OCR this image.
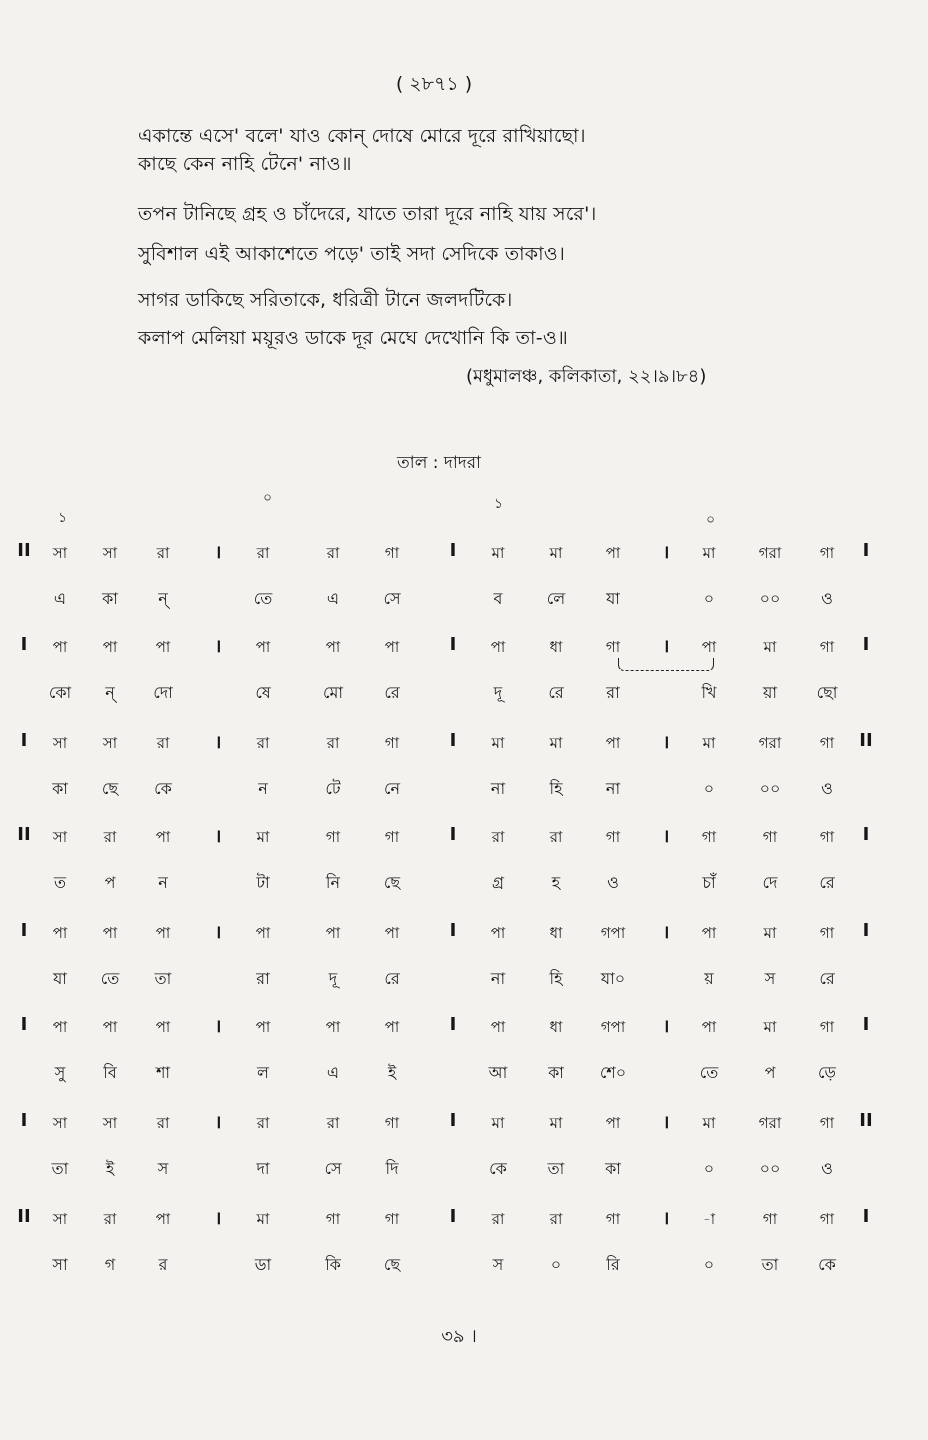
( ২৮৭১ )
একান্তে এসে' বলে' যাও কোন্ দোষে মোরে দূরে রাখিয়াছো।
কাছে কেন নাহি টেনে' নাও॥
তপন টানিছে গ্রহ ও চাঁদেরে, যাতে তারা দূরে নাহি যায় সরে'।
সুবিশাল এই আকাশেতে পড়ে' তাই সদা সেদিকে তাকাও।
সাগর ডাকিছে সরিতাকে, ধরিত্রী টানে জলদটিকে।
কলাপ মেলিয়া ময়ূরও ডাকে দূর মেঘে দেখোনি কি তা-ও॥
(মধুমালঞ্চ, কলিকাতা, ২২।৯।৮৪)
তাল : দাদরা
১
০	১
০
II	।	I	।	I
সা	সা	রা	রা	রা	গা	মা	মা	পা	মা	গরা	গা
এ	কা	ন্	তে	এ	সে	ব	লে	যা	০	০০	ও
I	।	I	।	I
পা	পা	পা	পা	পা	পা	পা	ধা	গা	পা	মা	গা
কো	ন্	দো	ষে	মো	রে	দূ	রে	রা	খি	য়া	ছো
I	।	I	।	II
সা	সা	রা	রা	রা	গা	মা	মা	পা	মা	গরা	গা
কা	ছে	কে	ন	টে	নে	না	হি	না	০	০০	ও
II	।	I	।	I
সা	রা	পা	মা	গা	গা	রা	রা	গা	গা	গা	গা
ত	প	ন	টা	নি	ছে	গ্র	হ	ও	চাঁ	দে	রে
I	।	I	।	I
পা	পা	পা	পা	পা	পা	পা	ধা	গপা	পা	মা	গা
যা	তে	তা	রা	দূ	রে	না	হি	যা০	য়	স	রে
I	।	I	।	I
পা	পা	পা	পা	পা	পা	পা	ধা	গপা	পা	মা	গা
সু	বি	শা	ল	এ	ই	আ	কা	শে০	তে	প	ড়ে
I	।	I	।	II
সা	সা	রা	রা	রা	গা	মা	মা	পা	মা	গরা	গা
তা	ই	স	দা	সে	দি	কে	তা	কা	০	০০	ও
II	।	I	।	I
সা	রা	পা	মা	গা	গা	রা	রা	গা	-া	গা	গা
সা	গ	র	ডা	কি	ছে	স	০	রি	০	তা	কে
৩৯ ।
